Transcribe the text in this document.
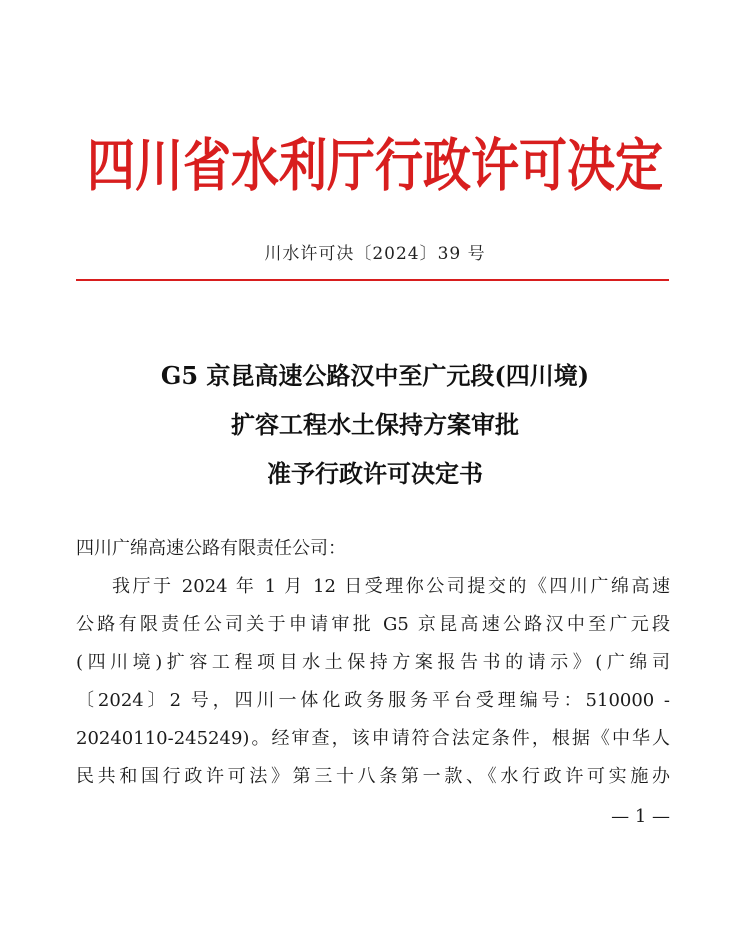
四川省水利厅行政许可决定
川水许可决〔2024〕39 号
G5 京昆高速公路汉中至广元段(四川境)
扩容工程水土保持方案审批
准予行政许可决定书
四川广绵高速公路有限责任公司：
我厅于 2024 年 1 月 12 日受理你公司提交的《四川广绵高速
公路有限责任公司关于申请审批 G5 京昆高速公路汉中至广元段
(四川境)扩容工程项目水土保持方案报告书的请示》(广绵司
〔2024〕2 号，四川一体化政务服务平台受理编号：510000 -
20240110-245249)。经审查，该申请符合法定条件，根据《中华人
民共和国行政许可法》第三十八条第一款、《水行政许可实施办
— 1 —
